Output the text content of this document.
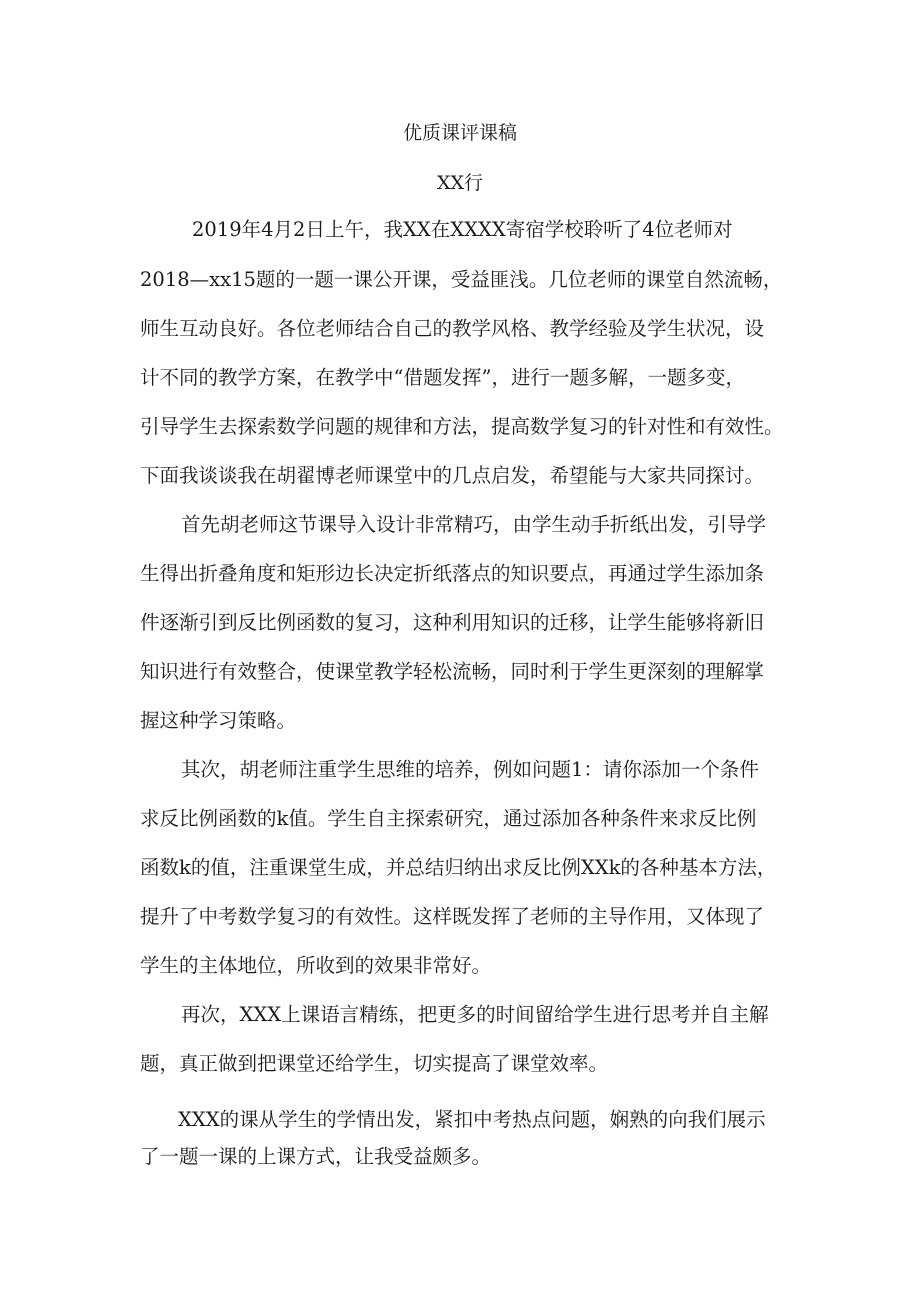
优质课评课稿
XX行
2019年4月2日上午，我XX在XXXX寄宿学校聆听了4位老师对
2018—xx15题的一题一课公开课，受益匪浅。几位老师的课堂自然流畅，
师生互动良好。各位老师结合自己的教学风格、教学经验及学生状况，设
计不同的教学方案，在教学中“借题发挥”，进行一题多解，一题多变，
引导学生去探索数学问题的规律和方法，提高数学复习的针对性和有效性。
下面我谈谈我在胡翟博老师课堂中的几点启发，希望能与大家共同探讨。
首先胡老师这节课导入设计非常精巧，由学生动手折纸出发，引导学
生得出折叠角度和矩形边长决定折纸落点的知识要点，再通过学生添加条
件逐渐引到反比例函数的复习，这种利用知识的迁移，让学生能够将新旧
知识进行有效整合，使课堂教学轻松流畅，同时利于学生更深刻的理解掌
握这种学习策略。
其次，胡老师注重学生思维的培养，例如问题1：请你添加一个条件
求反比例函数的k值。学生自主探索研究，通过添加各种条件来求反比例
函数k的值，注重课堂生成，并总结归纳出求反比例XXk的各种基本方法，
提升了中考数学复习的有效性。这样既发挥了老师的主导作用，又体现了
学生的主体地位，所收到的效果非常好。
再次，XXX上课语言精练，把更多的时间留给学生进行思考并自主解
题，真正做到把课堂还给学生，切实提高了课堂效率。
XXX的课从学生的学情出发，紧扣中考热点问题，娴熟的向我们展示
了一题一课的上课方式，让我受益颇多。
